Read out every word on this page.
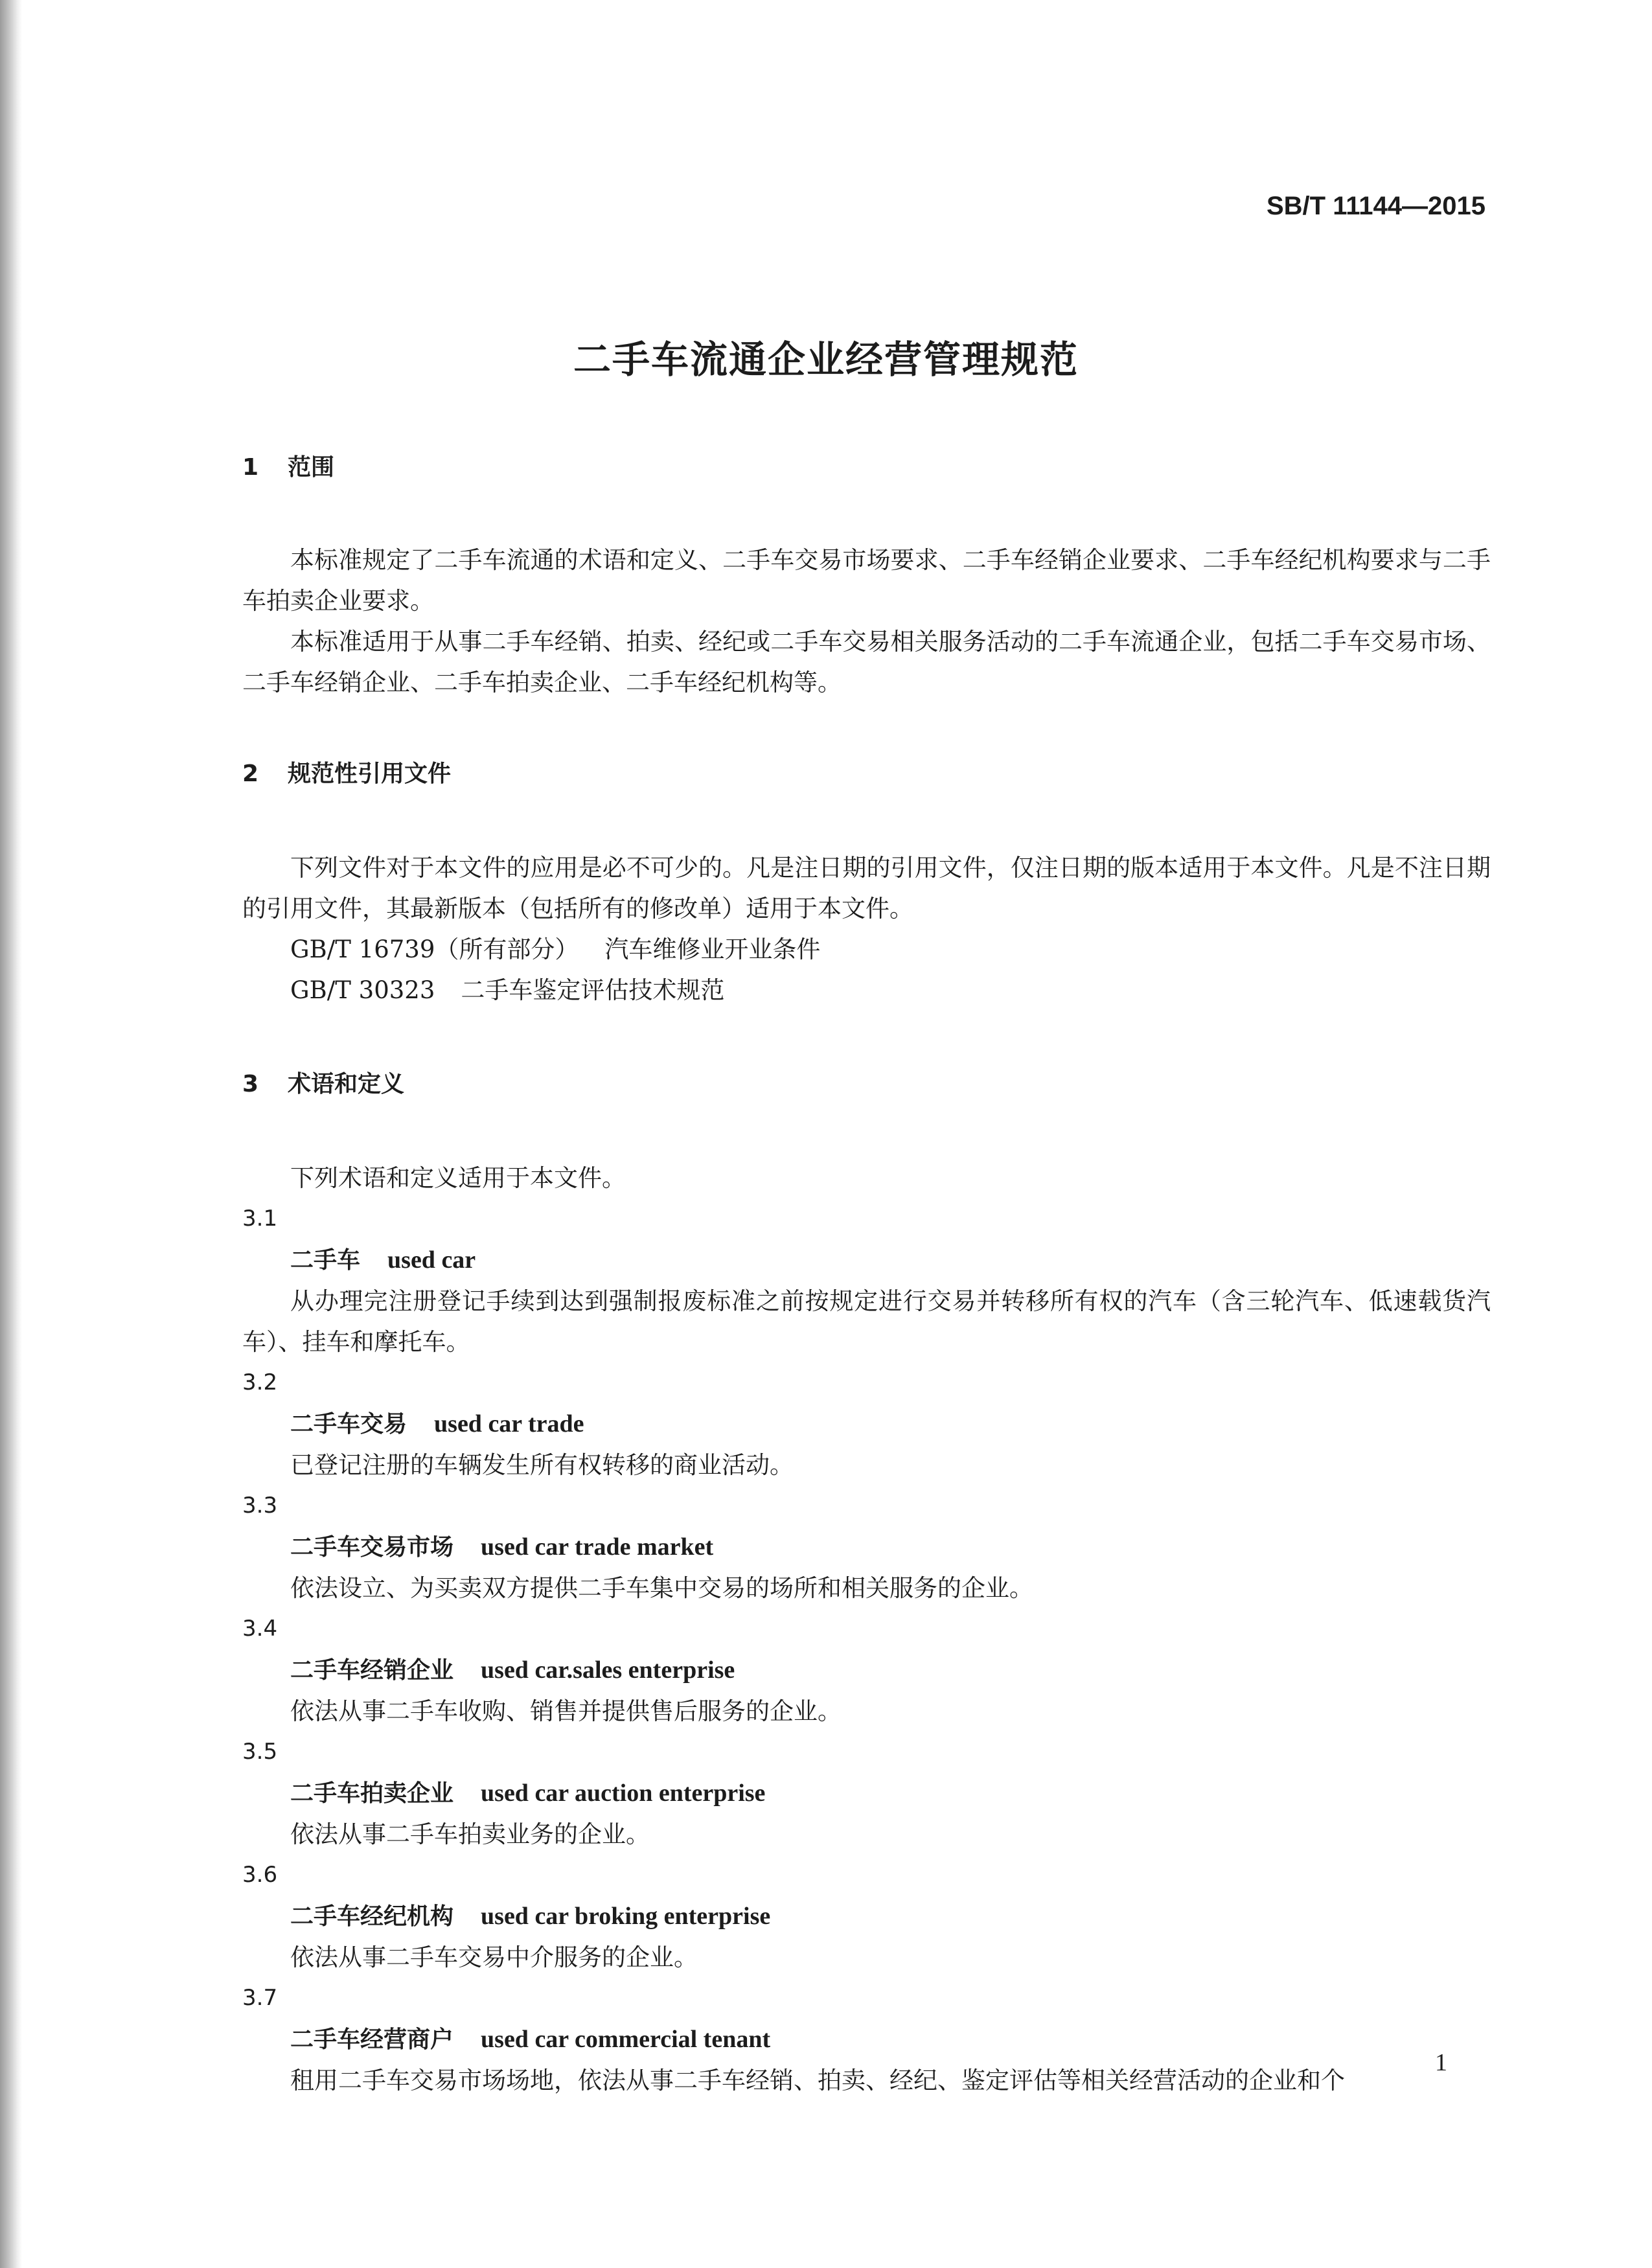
SB/T 11144—2015
二手车流通企业经营管理规范
1 范围

本标准规定了二手车流通的术语和定义、二手车交易市场要求、二手车经销企业要求、二手车经纪机构要求与二手车拍卖企业要求。

本标准适用于从事二手车经销、拍卖、经纪或二手车交易相关服务活动的二手车流通企业，包括二手车交易市场、二手车经销企业、二手车拍卖企业、二手车经纪机构等。

2 规范性引用文件

下列文件对于本文件的应用是必不可少的。凡是注日期的引用文件，仅注日期的版本适用于本文件。凡是不注日期的引用文件，其最新版本（包括所有的修改单）适用于本文件。

GB/T 16739（所有部分） 汽车维修业开业条件

GB/T 30323 二手车鉴定评估技术规范

3 术语和定义

下列术语和定义适用于本文件。

3.1

二手车 used car

从办理完注册登记手续到达到强制报废标准之前按规定进行交易并转移所有权的汽车（含三轮汽车、低速载货汽车）、挂车和摩托车。

3.2

二手车交易 used car trade

已登记注册的车辆发生所有权转移的商业活动。

3.3

二手车交易市场 used car trade market

依法设立、为买卖双方提供二手车集中交易的场所和相关服务的企业。

3.4

二手车经销企业 used car.sales enterprise

依法从事二手车收购、销售并提供售后服务的企业。

3.5

二手车拍卖企业 used car auction enterprise

依法从事二手车拍卖业务的企业。

3.6

二手车经纪机构 used car broking enterprise

依法从事二手车交易中介服务的企业。

3.7

二手车经营商户 used car commercial tenant

租用二手车交易市场场地，依法从事二手车经销、拍卖、经纪、鉴定评估等相关经营活动的企业和个

1
